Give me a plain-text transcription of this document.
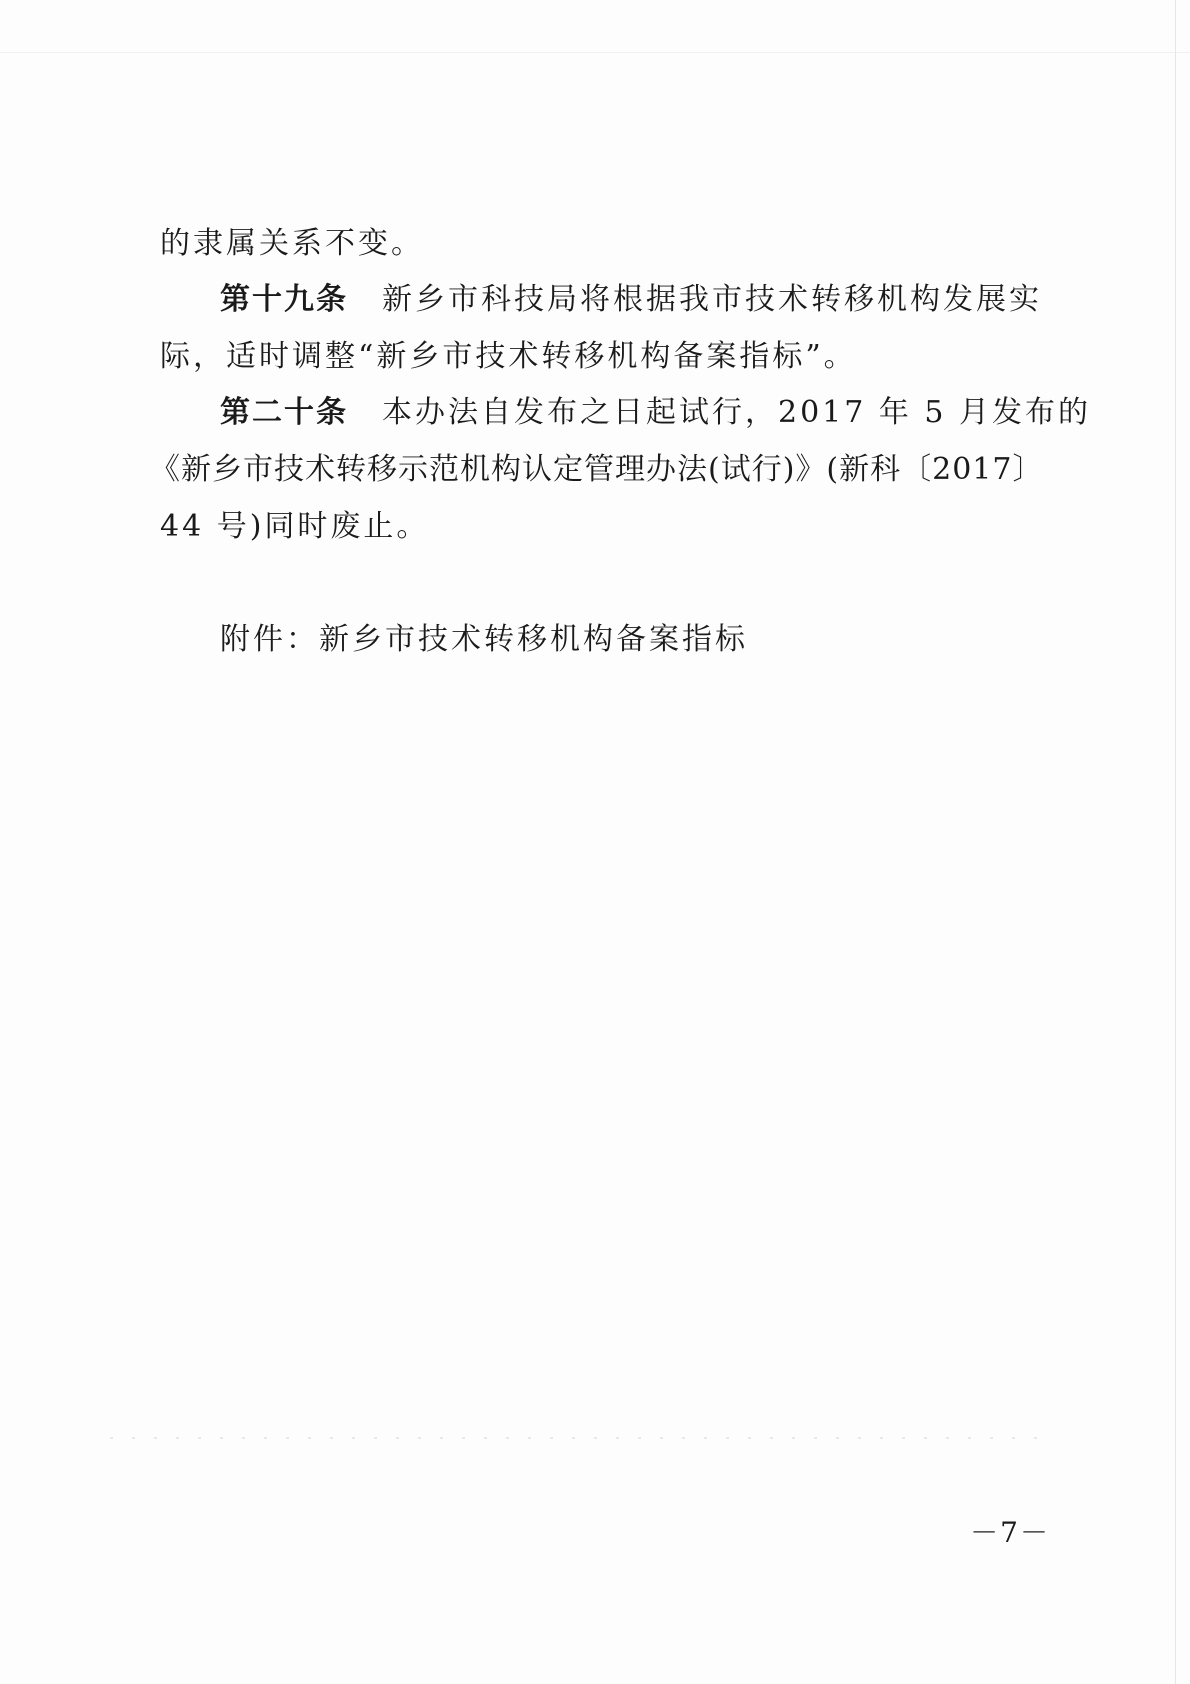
的隶属关系不变。
第十九条 新乡市科技局将根据我市技术转移机构发展实
际，适时调整“新乡市技术转移机构备案指标”。
第二十条 本办法自发布之日起试行，2017 年 5 月发布的
《新乡市技术转移示范机构认定管理办法(试行)》(新科〔2017〕
44 号)同时废止。
附件：新乡市技术转移机构备案指标
－7－
